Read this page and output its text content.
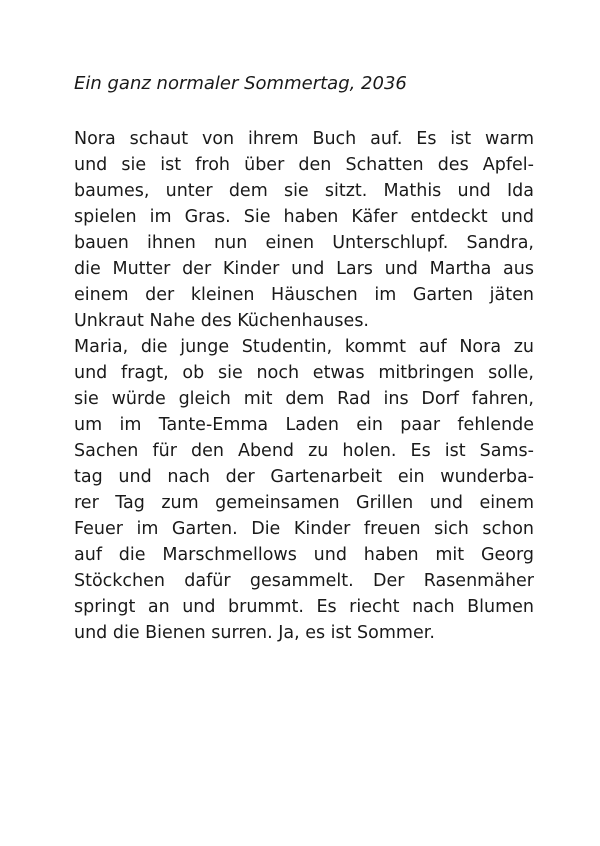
Ein ganz normaler Sommertag, 2036
Nora schaut von ihrem Buch auf. Es ist warm
und sie ist froh über den Schatten des Apfel-
baumes, unter dem sie sitzt. Mathis und Ida
spielen im Gras. Sie haben Käfer entdeckt und
bauen ihnen nun einen Unterschlupf. Sandra,
die Mutter der Kinder und Lars und Martha aus
einem der kleinen Häuschen im Garten jäten
Unkraut Nahe des Küchenhauses.
Maria, die junge Studentin, kommt auf Nora zu
und fragt, ob sie noch etwas mitbringen solle,
sie würde gleich mit dem Rad ins Dorf fahren,
um im Tante-Emma Laden ein paar fehlende
Sachen für den Abend zu holen. Es ist Sams-
tag und nach der Gartenarbeit ein wunderba-
rer Tag zum gemeinsamen Grillen und einem
Feuer im Garten. Die Kinder freuen sich schon
auf die Marschmellows und haben mit Georg
Stöckchen dafür gesammelt. Der Rasenmäher
springt an und brummt. Es riecht nach Blumen
und die Bienen surren. Ja, es ist Sommer.
